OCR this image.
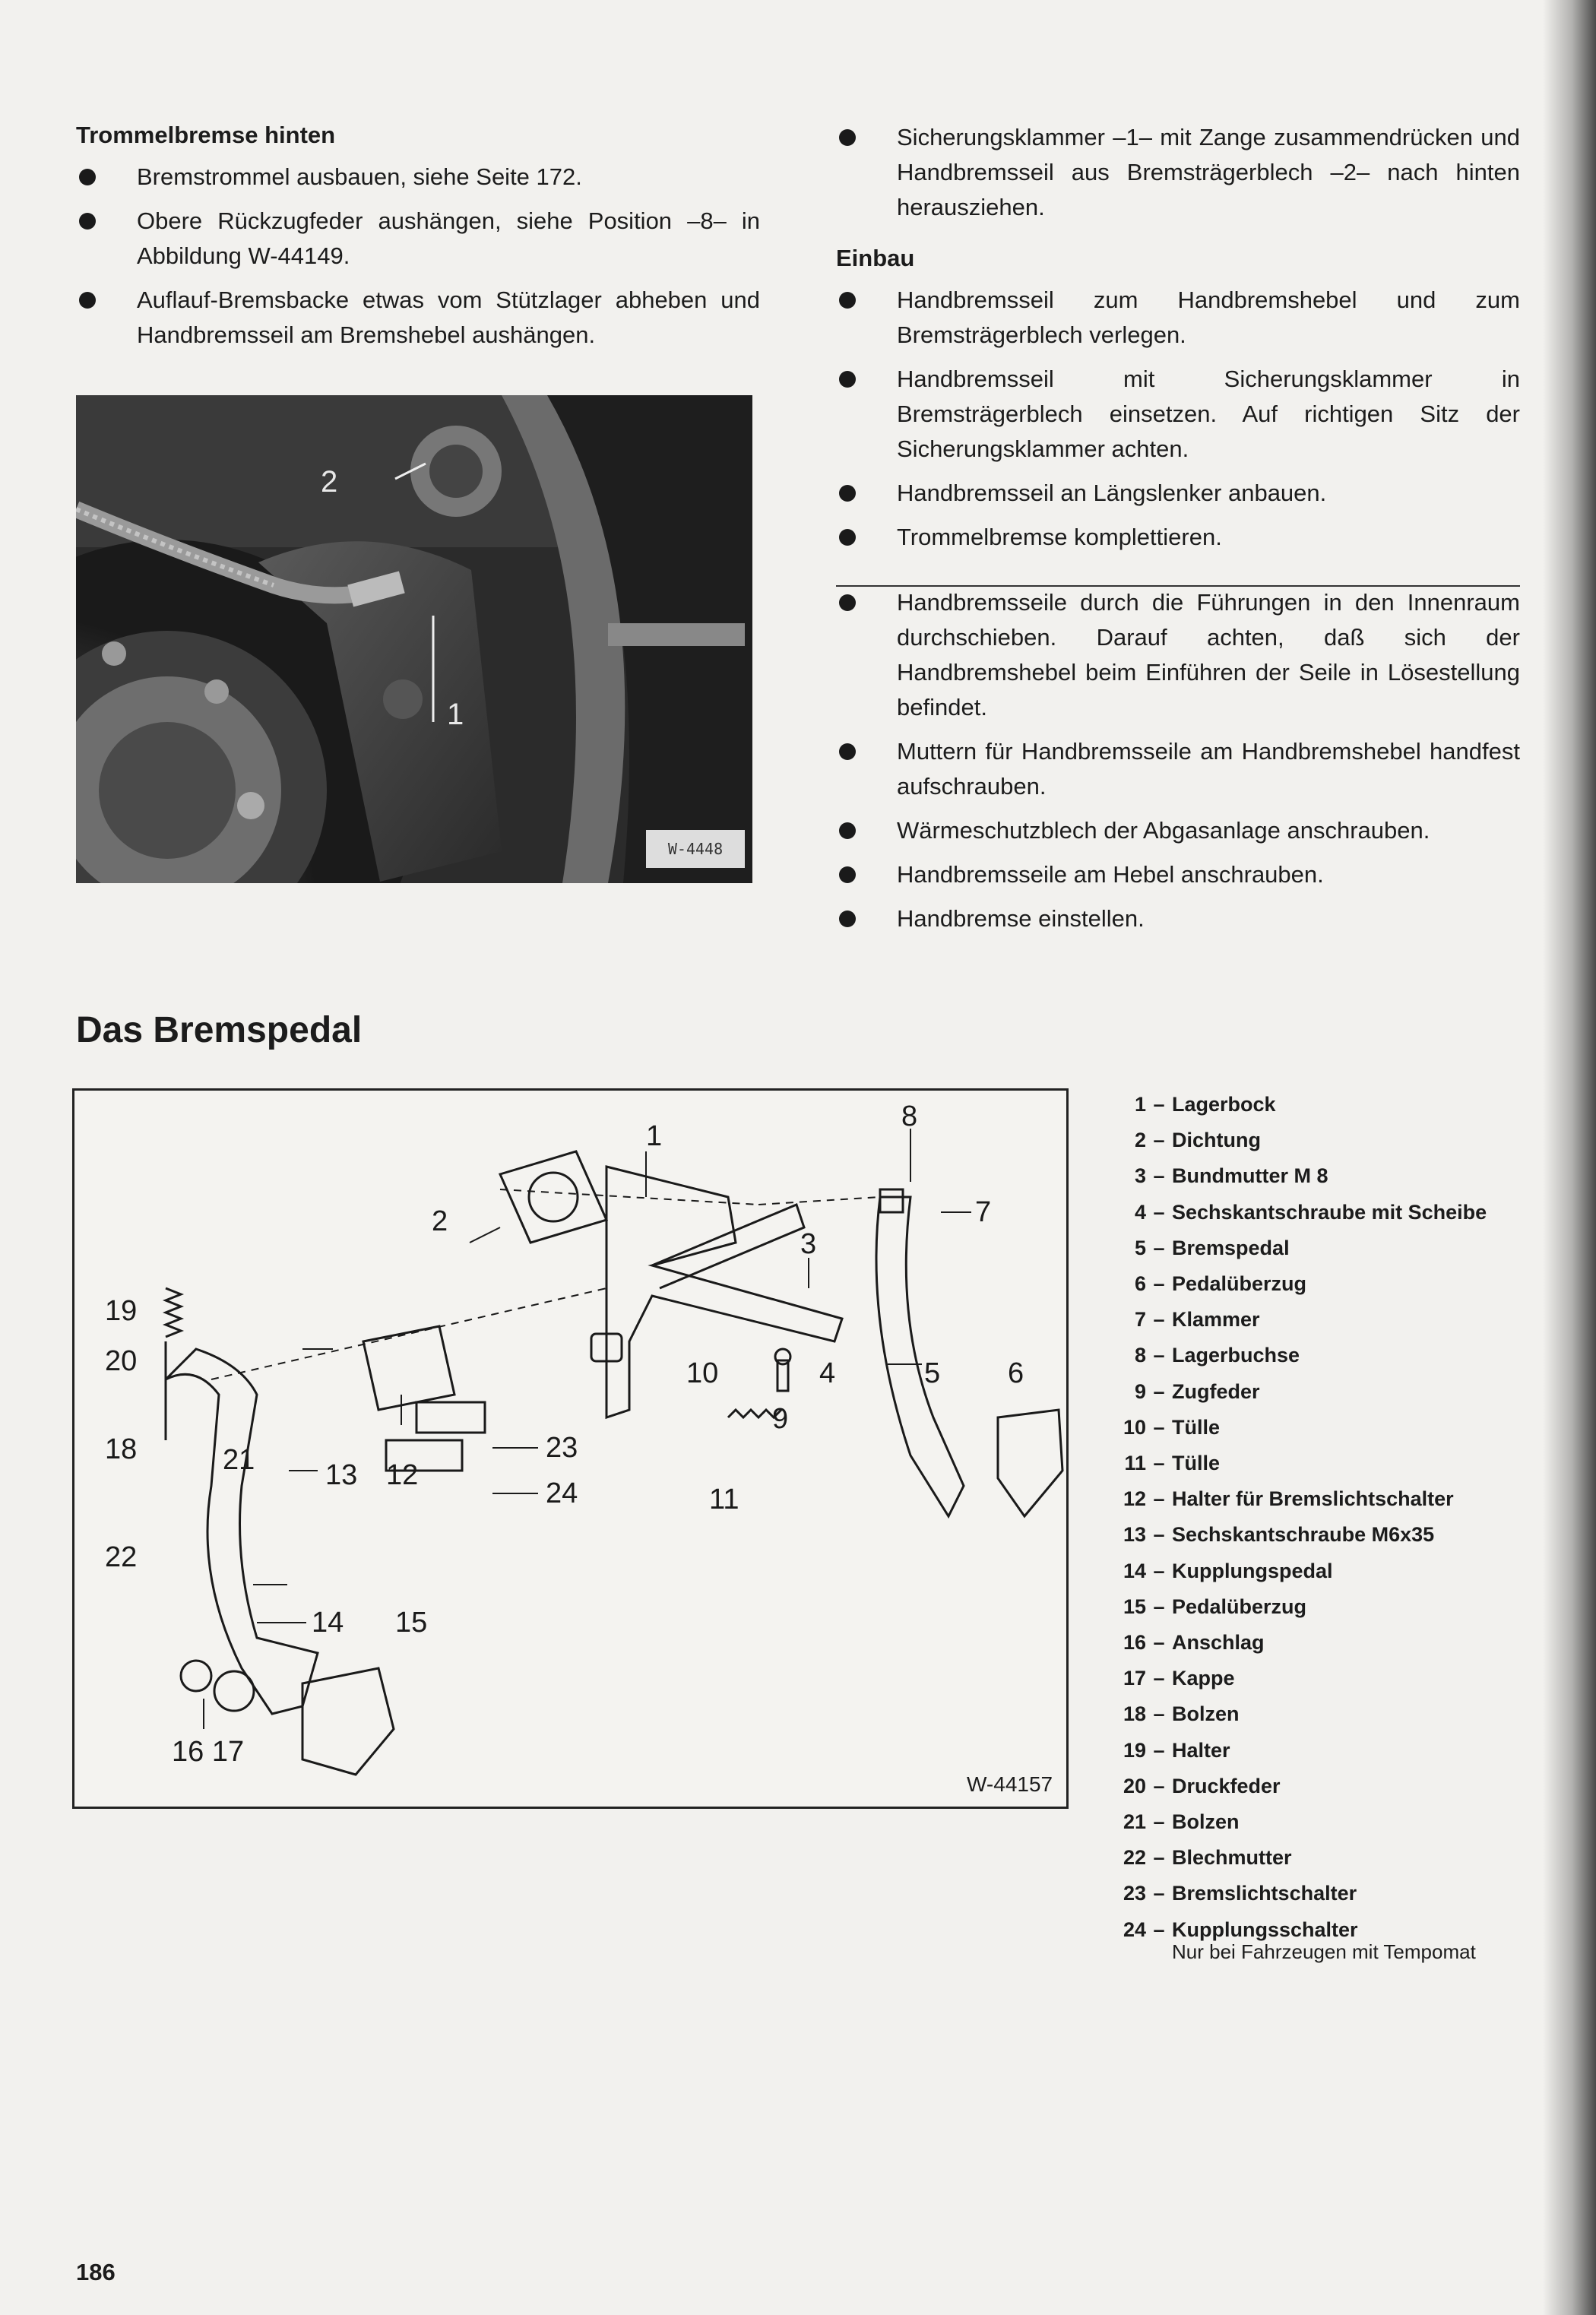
Trommelbremse hinten
Bremstrommel ausbauen, siehe Seite 172.
Obere Rückzugfeder aushängen, siehe Position –8– in Abbildung W-44149.
Auflauf-Bremsbacke etwas vom Stützlager abheben und Handbremsseil am Bremshebel aushängen.
2
1
W-4448
Sicherungsklammer –1– mit Zange zusammendrücken und Handbremsseil aus Bremsträgerblech –2– nach hinten herausziehen.
Einbau
Handbremsseil zum Handbremshebel und zum Bremsträgerblech verlegen.
Handbremsseil mit Sicherungsklammer in Bremsträgerblech einsetzen. Auf richtigen Sitz der Sicherungsklammer achten.
Handbremsseil an Längslenker anbauen.
Trommelbremse komplettieren.
Handbremsseile durch die Führungen in den Innenraum durchschieben. Darauf achten, daß sich der Handbremshebel beim Einführen der Seile in Lösestellung befindet.
Muttern für Handbremsseile am Handbremshebel handfest aufschrauben.
Wärmeschutzblech der Abgasanlage anschrauben.
Handbremsseile am Hebel anschrauben.
Handbremse einstellen.
Das Bremspedal
1
2
3
4	5 6
7
8
9
10
11
12
13
14 15
16 17
18
19
20
21
22
23
24
W-44157
1 – Lagerbock
2 – Dichtung
3 – Bundmutter M 8
4 – Sechskantschraube mit Scheibe
5 – Bremspedal
6 – Pedalüberzug
7 – Klammer
8 – Lagerbuchse
9 – Zugfeder
10 – Tülle
11 – Tülle
12 – Halter für Bremslichtschalter
13 – Sechskantschraube M6x35
14 – Kupplungspedal
15 – Pedalüberzug
16 – Anschlag
17 – Kappe
18 – Bolzen
19 – Halter
20 – Druckfeder
21 – Bolzen
22 – Blechmutter
23 – Bremslichtschalter
24 – Kupplungsschalter
Nur bei Fahrzeugen mit Tempomat
186
